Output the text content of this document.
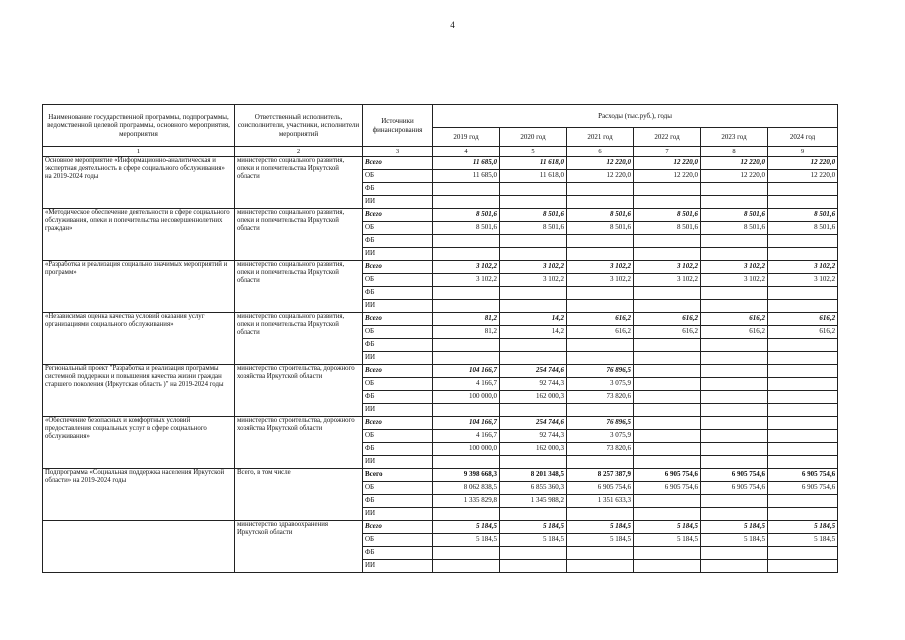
4
Наименование государственной программы, подпрограммы, ведомственной целевой программы, основного мероприятия, мероприятия	Ответственный исполнитель, соисполнители, участники, исполнители мероприятий	Источники финансирования	Расходы (тыс.руб.), годы					
			2019 год	2020 год	2021 год	2022 год	2023 год	2024 год
1	2	3	4	5	6	7	8	9
Основное мероприятие «Информационно-аналитическая и экспертная деятельность в сфере социального обслуживания» на 2019-2024 годы	министерство социального развития, опеки и попечительства Иркутской области	Всего	11 685,0	11 618,0	12 220,0	12 220,0	12 220,0	12 220,0
		ОБ	11 685,0	11 618,0	12 220,0	12 220,0	12 220,0	12 220,0
		ФБ						
		ИИ						
«Методическое обеспечение деятельности в сфере социального обслуживания, опеки и попечительства несовершеннолетних граждан»	министерство социального развития, опеки и попечительства Иркутской области	Всего	8 501,6	8 501,6	8 501,6	8 501,6	8 501,6	8 501,6
		ОБ	8 501,6	8 501,6	8 501,6	8 501,6	8 501,6	8 501,6
		ФБ						
		ИИ						
«Разработка и реализация социально значимых мероприятий и программ»	министерство социального развития, опеки и попечительства Иркутской области	Всего	3 102,2	3 102,2	3 102,2	3 102,2	3 102,2	3 102,2
		ОБ	3 102,2	3 102,2	3 102,2	3 102,2	3 102,2	3 102,2
		ФБ						
		ИИ						
«Независимая оценка качества условий оказания услуг организациями социального обслуживания»	министерство социального развития, опеки и попечительства Иркутской области	Всего	81,2	14,2	616,2	616,2	616,2	616,2
		ОБ	81,2	14,2	616,2	616,2	616,2	616,2
		ФБ						
		ИИ						
Региональный проект "Разработка и реализация программы системной поддержки и повышения качества жизни граждан старшего поколения (Иркутская область )" на 2019-2024 годы	министерство строительства, дорожного хозяйства Иркутской области	Всего	104 166,7	254 744,6	76 896,5			
		ОБ	4 166,7	92 744,3	3 075,9			
		ФБ	100 000,0	162 000,3	73 820,6			
		ИИ						
«Обеспечение безопасных и комфортных условий предоставления социальных услуг в сфере социального обслуживания»	министерство строительства, дорожного хозяйства Иркутской области	Всего	104 166,7	254 744,6	76 896,5			
		ОБ	4 166,7	92 744,3	3 075,9			
		ФБ	100 000,0	162 000,3	73 820,6			
		ИИ						
Подпрограмма «Социальная поддержка населения Иркутской области» на 2019-2024 годы	Всего, в том числе	Всего	9 398 668,3	8 201 348,5	8 257 387,9	6 905 754,6	6 905 754,6	6 905 754,6
		ОБ	8 062 838,5	6 855 360,3	6 905 754,6	6 905 754,6	6 905 754,6	6 905 754,6
		ФБ	1 335 829,8	1 345 988,2	1 351 633,3			
		ИИ						
	министерство здравоохранения Иркутской области	Всего	5 184,5	5 184,5	5 184,5	5 184,5	5 184,5	5 184,5
		ОБ	5 184,5	5 184,5	5 184,5	5 184,5	5 184,5	5 184,5
		ФБ						
		ИИ						
